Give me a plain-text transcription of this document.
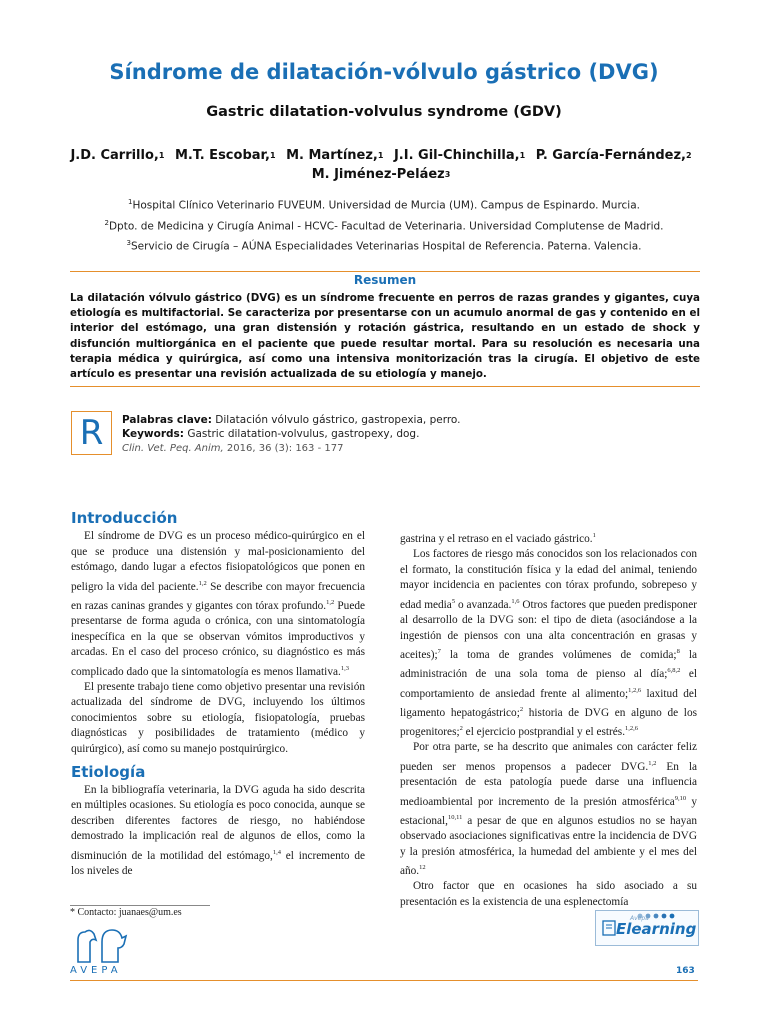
Síndrome de dilatación-vólvulo gástrico (DVG)
Gastric dilatation-volvulus syndrome (GDV)
J.D. Carrillo,$^1$ M.T. Escobar,$^1$ M. Martínez,$^1$ J.I. Gil-Chinchilla,$^1$ P. García-Fernández,$^2$
M. Jiménez-Peláez$^3$
$^1$Hospital Clínico Veterinario FUVEUM. Universidad de Murcia (UM). Campus de Espinardo. Murcia.
$^2$Dpto. de Medicina y Cirugía Animal - HCVC- Facultad de Veterinaria. Universidad Complutense de Madrid.
$^3$Servicio de Cirugía – AÚNA Especialidades Veterinarias Hospital de Referencia. Paterna. Valencia.
Resumen
La dilatación vólvulo gástrico (DVG) es un síndrome frecuente en perros de razas grandes y gigantes, cuya etiología es multifactorial. Se caracteriza por presentarse con un acumulo anormal de gas y contenido en el interior del estómago, una gran distensión y rotación gástrica, resultando en un estado de shock y disfunción multiorgánica en el paciente que puede resultar mortal. Para su resolución es necesaria una terapia médica y quirúrgica, así como una intensiva monitorización tras la cirugía. El objetivo de este artículo es presentar una revisión actualizada de su etiología y manejo.
R	Palabras clave: Dilatación vólvulo gástrico, gastropexia, perro.
Keywords: Gastric dilatation-volvulus, gastropexy, dog.
Clin. Vet. Peq. Anim, 2016, 36 (3): 163 - 177
Introducción

El síndrome de DVG es un proceso médico-quirúrgico en el que se produce una distensión y mal-posicionamiento del estómago, dando lugar a efectos fisiopatológicos que ponen en peligro la vida del paciente.$^{1,2}$ Se describe con mayor frecuencia en razas caninas grandes y gigantes con tórax profundo.$^{1,2}$ Puede presentarse de forma aguda o crónica, con una sintomatología inespecífica en la que se observan vómitos improductivos y arcadas. En el caso del proceso crónico, su diagnóstico es más complicado dado que la sintomatología es menos llamativa.$^{1,3}$

El presente trabajo tiene como objetivo presentar una revisión actualizada del síndrome de DVG, incluyendo los últimos conocimientos sobre su etiología, fisiopatología, pruebas diagnósticas y posibilidades de tratamiento (médico y quirúrgico), así como su manejo postquirúrgico.

Etiología

En la bibliografía veterinaria, la DVG aguda ha sido descrita en múltiples ocasiones. Su etiología es poco conocida, aunque se describen diferentes factores de riesgo, no habiéndose demostrado la implicación real de algunos de ellos, como la disminución de la motilidad del estómago,$^{1,4}$ el incremento de los niveles de

gastrina y el retraso en el vaciado gástrico.$^1$

Los factores de riesgo más conocidos son los relacionados con el formato, la constitución física y la edad del animal, teniendo mayor incidencia en pacientes con tórax profundo, sobrepeso y edad media$^5$ o avanzada.$^{1,6}$ Otros factores que pueden predisponer al desarrollo de la DVG son: el tipo de dieta (asociándose a la ingestión de piensos con una alta concentración en grasas y aceites);$^7$ la toma de grandes volúmenes de comida;$^8$ la administración de una sola toma de pienso al día;$^{6,8,2}$ el comportamiento de ansiedad frente al alimento;$^{1,2,6}$ laxitud del ligamento hepatogástrico;$^2$ historia de DVG en alguno de los progenitores;$^2$ el ejercicio postprandial y el estrés.$^{1,2,6}$

Por otra parte, se ha descrito que animales con carácter feliz pueden ser menos propensos a padecer DVG.$^{1,2}$ En la presentación de esta patología puede darse una influencia medioambiental por incremento de la presión atmosférica$^{9,10}$ y estacional,$^{10,11}$ a pesar de que en algunos estudios no se hayan observado asociaciones significativas entre la incidencia de DVG y la presión atmosférica, la humedad del ambiente y el mes del año.$^{12}$

Otro factor que en ocasiones ha sido asociado a su presentación es la existencia de una esplenectomía

* Contacto: juanaes@um.es
AVEPA
Avepa
Elearning
163
